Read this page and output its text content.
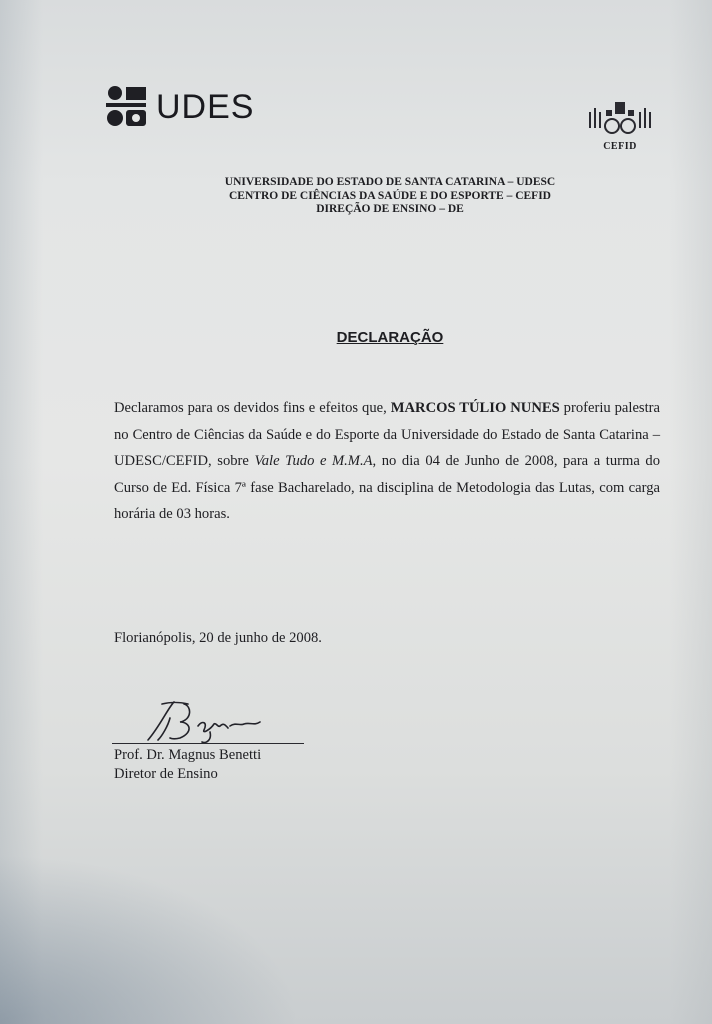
UDES
CEFID
UNIVERSIDADE DO ESTADO DE SANTA CATARINA – UDESC
CENTRO DE CIÊNCIAS DA SAÚDE E DO ESPORTE – CEFID
DIREÇÃO DE ENSINO – DE
DECLARAÇÃO
Declaramos para os devidos fins e efeitos que, MARCOS TÚLIO NUNES proferiu palestra no Centro de Ciências da Saúde e do Esporte da Universidade do Estado de Santa Catarina – UDESC/CEFID, sobre Vale Tudo e M.M.A, no dia 04 de Junho de 2008, para a turma do Curso de Ed. Física 7ª fase Bacharelado, na disciplina de Metodologia das Lutas, com carga horária de 03 horas.
Florianópolis, 20 de junho de 2008.
Prof. Dr. Magnus Benetti
Diretor de Ensino
